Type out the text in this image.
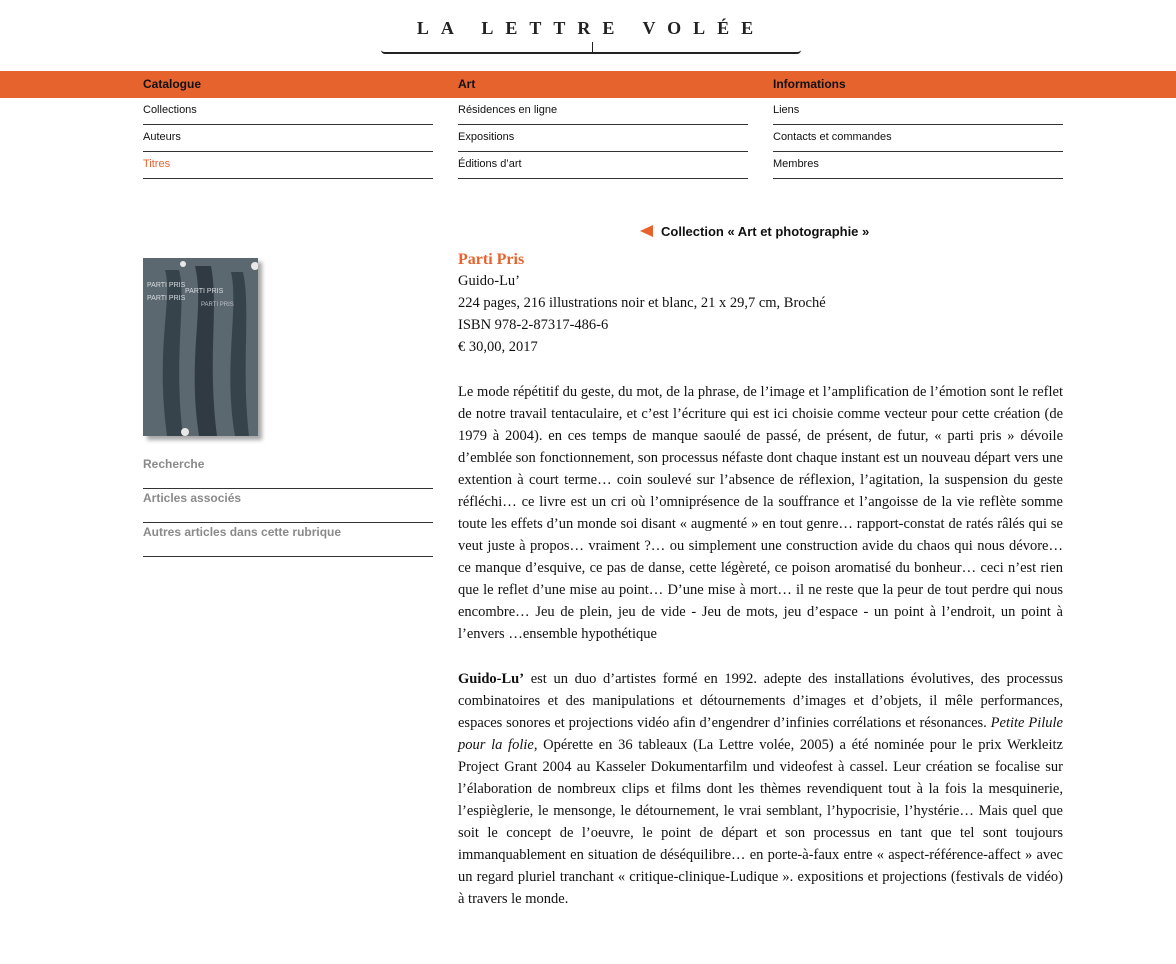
LA LETTRE VOLÉE
Catalogue
Collections
Auteurs
Titres
Art
Résidences en ligne
Expositions
Éditions d’art
Informations
Liens
Contacts et commandes
Membres
Collection « Art et photographie »
PARTI PRIS
PARTI PRIS
PARTI PRIS
PARTI PRIS
Recherche
Articles associés
Autres articles dans cette rubrique
Parti Pris
Guido-Lu’
224 pages, 216 illustrations noir et blanc, 21 x 29,7 cm, Broché
ISBN 978-2-87317-486-6
€ 30,00, 2017
Le mode répétitif du geste, du mot, de la phrase, de l’image et l’amplification de l’émotion sont le reflet de notre travail tentaculaire, et c’est l’écriture qui est ici choisie comme vecteur pour cette création (de 1979 à 2004). en ces temps de manque saoulé de passé, de présent, de futur, « parti pris » dévoile d’emblée son fonctionnement, son processus néfaste dont chaque instant est un nouveau départ vers une extention à court terme… coin soulevé sur l’absence de réflexion, l’agitation, la suspension du geste réfléchi… ce livre est un cri où l’omniprésence de la souffrance et l’angoisse de la vie reflète somme toute les effets d’un monde soi disant « augmenté » en tout genre… rapport-constat de ratés râlés qui se veut juste à propos… vraiment ?… ou simplement une construction avide du chaos qui nous dévore… ce manque d’esquive, ce pas de danse, cette légèreté, ce poison aromatisé du bonheur… ceci n’est rien que le reflet d’une mise au point… D’une mise à mort… il ne reste que la peur de tout perdre qui nous encombre… Jeu de plein, jeu de vide - Jeu de mots, jeu d’espace - un point à l’endroit, un point à l’envers …ensemble hypothétique
Guido-Lu’ est un duo d’artistes formé en 1992. adepte des installations évolutives, des processus combinatoires et des manipulations et détournements d’images et d’objets, il mêle performances, espaces sonores et projections vidéo afin d’engendrer d’infinies corrélations et résonances. Petite Pilule pour la folie, Opérette en 36 tableaux (La Lettre volée, 2005) a été nominée pour le prix Werkleitz Project Grant 2004 au Kasseler Dokumentarfilm und videofest à cassel. Leur création se focalise sur l’élaboration de nombreux clips et films dont les thèmes revendiquent tout à la fois la mesquinerie, l’espièglerie, le mensonge, le détournement, le vrai semblant, l’hypocrisie, l’hystérie… Mais quel que soit le concept de l’oeuvre, le point de départ et son processus en tant que tel sont toujours immanquablement en situation de déséquilibre… en porte-à-faux entre « aspect-référence-affect » avec un regard pluriel tranchant « critique-clinique-Ludique ». expositions et projections (festivals de vidéo) à travers le monde.
